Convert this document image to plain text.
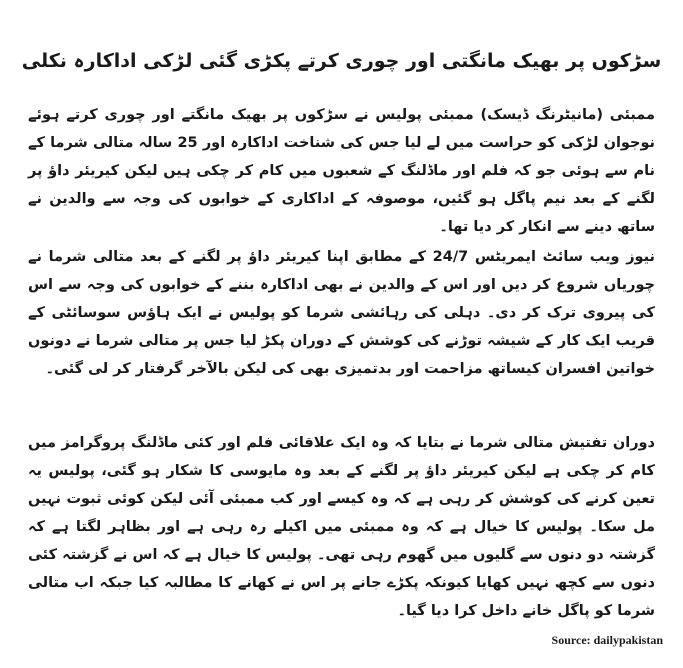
سڑکوں پر بھیک مانگتی اور چوری کرتے پکڑی گئی لڑکی اداکارہ نکلی

ممبئی (مانیٹرنگ ڈیسک) ممبئی پولیس نے سڑکوں پر بھیک مانگتے اور چوری کرتے ہوئے نوجوان لڑکی کو حراست میں لے لیا جس کی شناخت اداکارہ اور 25 سالہ متالی شرما کے نام سے ہوئی جو کہ فلم اور ماڈلنگ کے شعبوں میں کام کر چکی ہیں لیکن کیریئر داؤ پر لگنے کے بعد نیم پاگل ہو گئیں، موصوفہ کے اداکاری کے خوابوں کی وجہ سے والدین نے ساتھ دینے سے انکار کر دیا تھا۔

نیوز ویب سائٹ ایمریٹس 24/7 کے مطابق اپنا کیریئر داؤ پر لگنے کے بعد متالی شرما نے چوریاں شروع کر دیں اور اس کے والدین نے بھی اداکارہ بننے کے خوابوں کی وجہ سے اس کی پیروی ترک کر دی۔ دہلی کی رہائشی شرما کو پولیس نے ایک ہاؤس سوسائٹی کے قریب ایک کار کے شیشہ توڑنے کی کوشش کے دوران پکڑ لیا جس پر متالی شرما نے دونوں خواتین افسران کیساتھ مزاحمت اور بدتمیزی بھی کی لیکن بالآخر گرفتار کر لی گئی۔

دوران تفتیش متالی شرما نے بتایا کہ وہ ایک علاقائی فلم اور کئی ماڈلنگ پروگرامز میں کام کر چکی ہے لیکن کیریئر داؤ پر لگنے کے بعد وہ مایوسی کا شکار ہو گئی، پولیس یہ تعین کرنے کی کوشش کر رہی ہے کہ وہ کیسے اور کب ممبئی آئی لیکن کوئی ثبوت نہیں مل سکا۔ پولیس کا خیال ہے کہ وہ ممبئی میں اکیلے رہ رہی ہے اور بظاہر لگتا ہے کہ گزشتہ دو دنوں سے گلیوں میں گھوم رہی تھی۔ پولیس کا خیال ہے کہ اس نے گزشتہ کئی دنوں سے کچھ نہیں کھایا کیونکہ پکڑے جانے پر اس نے کھانے کا مطالبہ کیا جبکہ اب متالی شرما کو پاگل خانے داخل کرا دیا گیا۔

Source: dailypakistan
